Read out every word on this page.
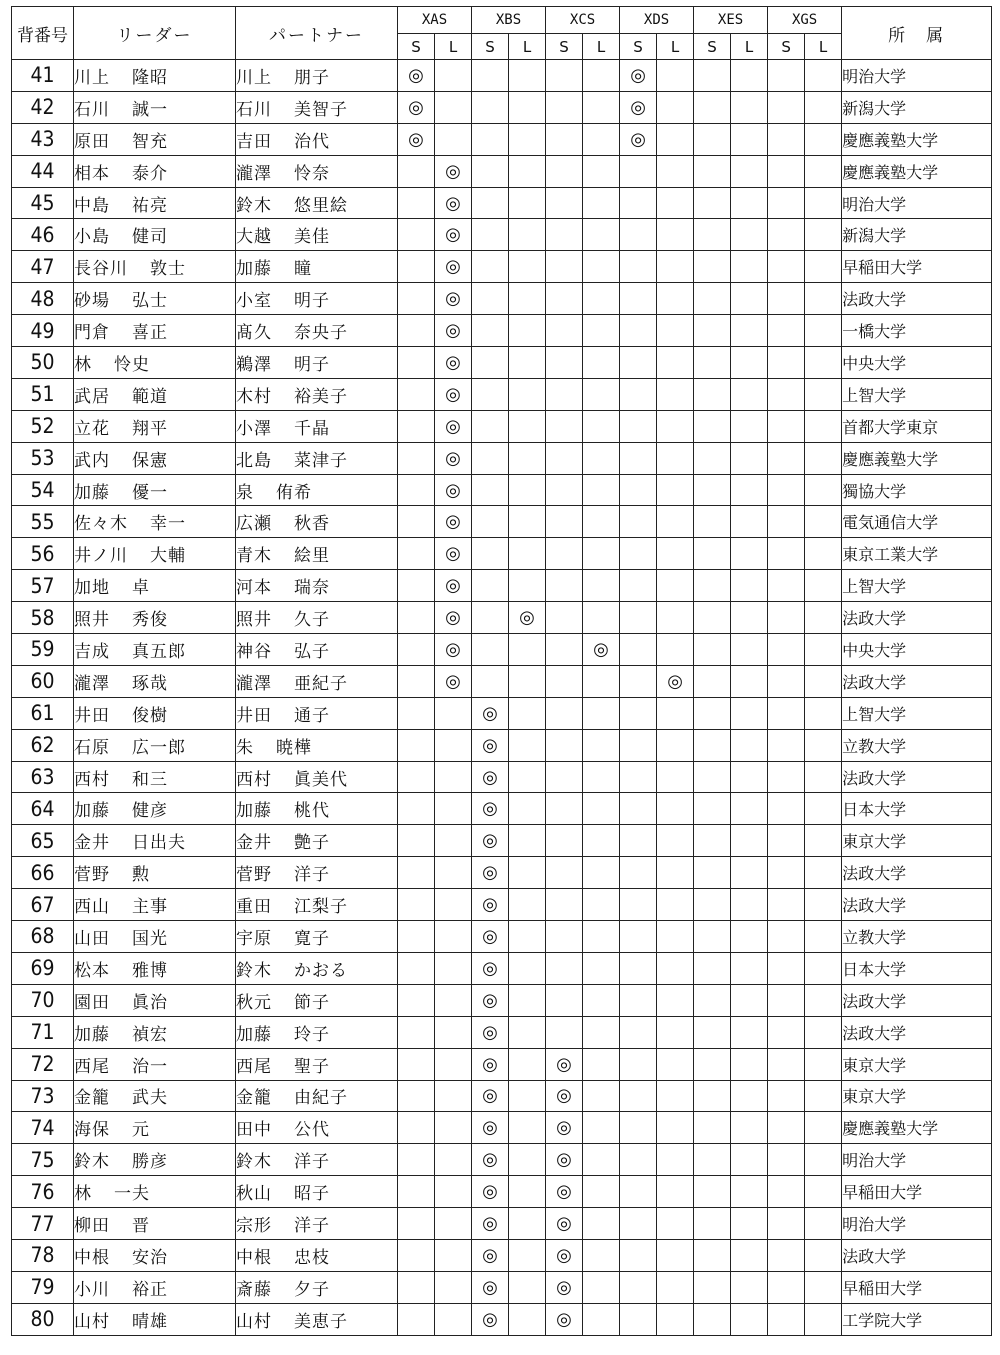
背番号	リーダー	パートナー	XAS		XBS		XCS		XDS		XES		XGS		所　属
			S	L	S	L	S	L	S	L	S	L	S	L	
41	川上 隆昭	川上 朋子	◎						◎						明治大学
42	石川 誠一	石川 美智子	◎						◎						新潟大学
43	原田 智充	吉田 治代	◎						◎						慶應義塾大学
44	相本 泰介	瀧澤 怜奈		◎											慶應義塾大学
45	中島 祐亮	鈴木 悠里絵		◎											明治大学
46	小島 健司	大越 美佳		◎											新潟大学
47	長谷川 敦士	加藤 瞳		◎											早稲田大学
48	砂場 弘士	小室 明子		◎											法政大学
49	門倉 喜正	髙久 奈央子		◎											一橋大学
50	林 怜史	鵜澤 明子		◎											中央大学
51	武居 範道	木村 裕美子		◎											上智大学
52	立花 翔平	小澤 千晶		◎											首都大学東京
53	武内 保憲	北島 菜津子		◎											慶應義塾大学
54	加藤 優一	泉 侑希		◎											獨協大学
55	佐々木 幸一	広瀬 秋香		◎											電気通信大学
56	井ノ川 大輔	青木 絵里		◎											東京工業大学
57	加地 卓	河本 瑞奈		◎											上智大学
58	照井 秀俊	照井 久子		◎		◎									法政大学
59	吉成 真五郎	神谷 弘子		◎				◎							中央大学
60	瀧澤 琢哉	瀧澤 亜紀子		◎						◎					法政大学
61	井田 俊樹	井田 通子			◎										上智大学
62	石原 広一郎	朱 暁樺			◎										立教大学
63	西村 和三	西村 眞美代			◎										法政大学
64	加藤 健彦	加藤 桃代			◎										日本大学
65	金井 日出夫	金井 艶子			◎										東京大学
66	菅野 勲	菅野 洋子			◎										法政大学
67	西山 主事	重田 江梨子			◎										法政大学
68	山田 国光	宇原 寛子			◎										立教大学
69	松本 雅博	鈴木 かおる			◎										日本大学
70	園田 眞治	秋元 節子			◎										法政大学
71	加藤 禎宏	加藤 玲子			◎										法政大学
72	西尾 治一	西尾 聖子			◎		◎								東京大学
73	金籠 武夫	金籠 由紀子			◎		◎								東京大学
74	海保 元	田中 公代			◎		◎								慶應義塾大学
75	鈴木 勝彦	鈴木 洋子			◎		◎								明治大学
76	林 一夫	秋山 昭子			◎		◎								早稲田大学
77	柳田 晋	宗形 洋子			◎		◎								明治大学
78	中根 安治	中根 忠枝			◎		◎								法政大学
79	小川 裕正	斎藤 夕子			◎		◎								早稲田大学
80	山村 晴雄	山村 美恵子			◎		◎								工学院大学
